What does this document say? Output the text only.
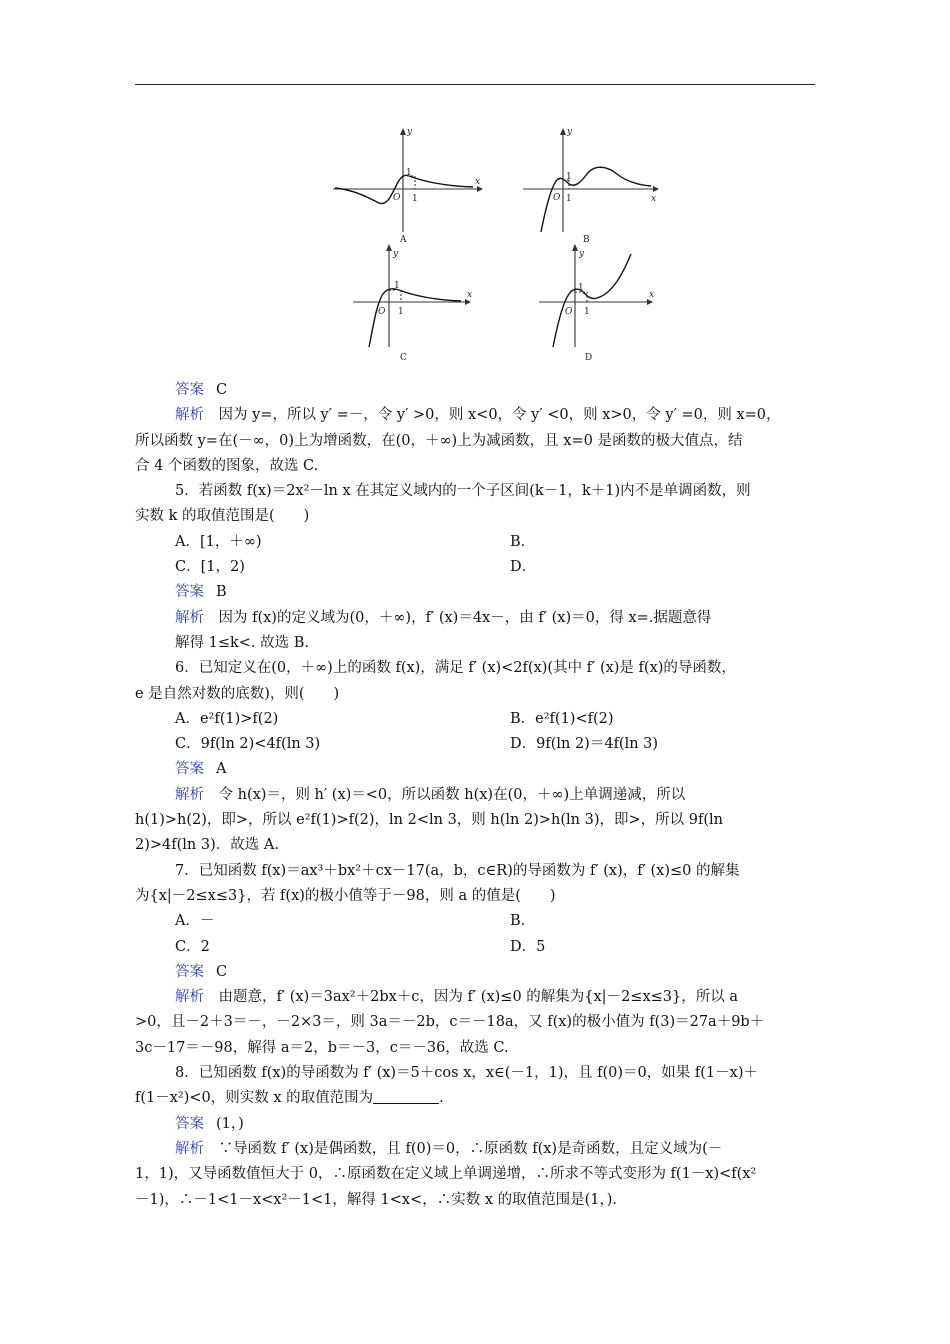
y
x
O
1
1
A
y
x
O
1
1
B
y
x
O
1
1
C
y
x
O
1
1
D
答案 C
解析　 因为 y=，所以 y′ =－，令 y′ >0，则 x<0，令 y′ <0，则 x>0，令 y′ =0，则 x=0，
所以函数 y=在(－∞，0)上为增函数，在(0，＋∞)上为减函数，且 x=0 是函数的极大值点，结
合 4 个函数的图象，故选 C.
5．若函数 f(x)＝2x²－ln x 在其定义域内的一个子区间(k－1，k＋1)内不是单调函数，则
实数 k 的取值范围是(　　)
A．[1，＋∞)	B．
C．[1，2)	D．
答案 B
解析　 因为 f(x)的定义域为(0，＋∞)，f′ (x)＝4x－，由 f′ (x)＝0，得 x=.据题意得
解得 1≤k<. 故选 B.
6．已知定义在(0，＋∞)上的函数 f(x)，满足 f′ (x)<2f(x)(其中 f′ (x)是 f(x)的导函数，
e 是自然对数的底数)，则(　　)
A．e²f(1)>f(2)	B．e²f(1)<f(2)
C．9f(ln 2)<4f(ln 3)	D．9f(ln 2)＝4f(ln 3)
答案 A
解析　 令 h(x)＝，则 h′ (x)＝<0，所以函数 h(x)在(0，＋∞)上单调递减，所以
h(1)>h(2)，即>，所以 e²f(1)>f(2)，ln 2<ln 3，则 h(ln 2)>h(ln 3)，即>，所以 9f(ln
2)>4f(ln 3)．故选 A.
7．已知函数 f(x)＝ax³＋bx²＋cx－17(a，b，c∈R)的导函数为 f′ (x)，f′ (x)≤0 的解集
为{x|－2≤x≤3}，若 f(x)的极小值等于－98，则 a 的值是(　　)
A．－	B．
C．2	D．5
答案 C
解析　 由题意，f′ (x)＝3ax²＋2bx＋c，因为 f′ (x)≤0 的解集为{x|－2≤x≤3}，所以 a
>0，且－2＋3＝－，－2×3＝，则 3a＝－2b，c＝－18a，又 f(x)的极小值为 f(3)＝27a＋9b＋
3c－17＝－98，解得 a＝2，b＝－3，c＝－36，故选 C.
8．已知函数 f(x)的导函数为 f′ (x)＝5＋cos x，x∈(－1，1)，且 f(0)＝0，如果 f(1－x)＋
f(1－x²)<0，则实数 x 的取值范围为	.
答案 (1，)
解析　 ∵导函数 f′ (x)是偶函数，且 f(0)＝0，∴原函数 f(x)是奇函数，且定义域为(－
1，1)，又导函数值恒大于 0，∴原函数在定义域上单调递增，∴所求不等式变形为 f(1－x)<f(x²
－1)，∴－1<1－x<x²－1<1，解得 1<x<，∴实数 x 的取值范围是(1，).
